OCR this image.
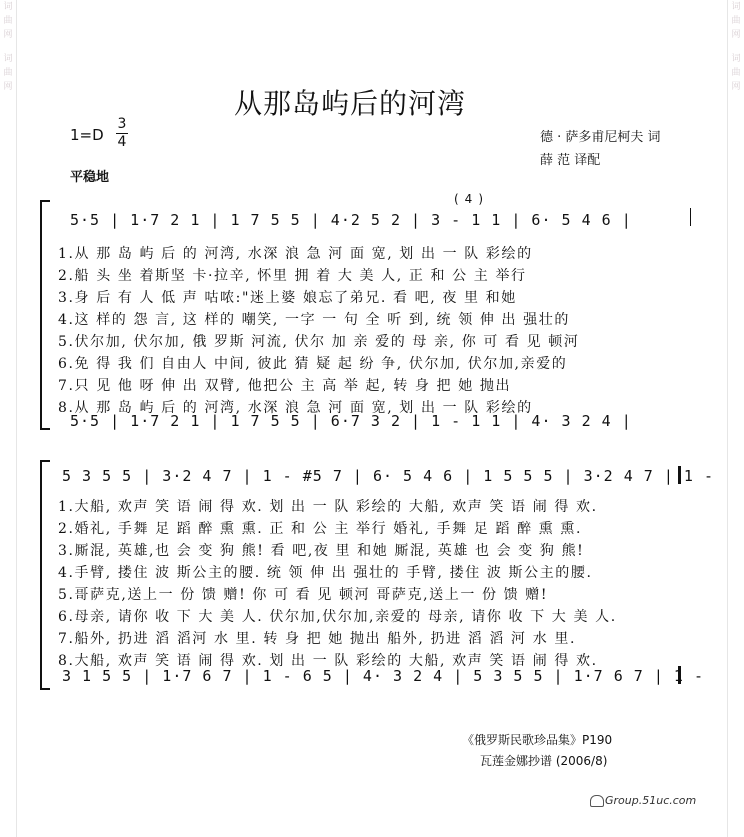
词
曲
网
词
曲
网
词
曲
网
词
曲
网
从那岛屿后的河湾
1=D
3
4	德 · 萨多甫尼柯夫 词
薛 范 译配
平稳地
(4)
5·5 | 1·7 2 1 | 1 7 5 5 | 4·2 5 2 | 3 - 1 1 | 6· 5 4 6 |
1.从 那 岛 屿 后 的 河湾, 水深 浪 急 河 面 宽, 划 出 一 队 彩绘的
2.船 头 坐 着斯坚 卡·拉辛, 怀里 拥 着 大 美 人, 正 和 公 主 举行
3.身 后 有 人 低 声 咕哝:"迷上婆 娘忘了弟兄. 看 吧, 夜 里 和她
4.这 样的 怨 言, 这 样的 嘲笑, 一字 一 句 全 听 到, 统 领 伸 出 强壮的
5.伏尔加, 伏尔加, 俄 罗斯 河流, 伏尔 加 亲 爱的 母 亲, 你 可 看 见 顿河
6.免 得 我 们 自由人 中间, 彼此 猜 疑 起 纷 争, 伏尔加, 伏尔加,亲爱的
7.只 见 他 呀 伸 出 双臂, 他把公 主 高 举 起, 转 身 把 她 抛出
8.从 那 岛 屿 后 的 河湾, 水深 浪 急 河 面 宽, 划 出 一 队 彩绘的
5·5 | 1·7 2 1 | 1 7 5 5 | 6·7 3 2 | 1 - 1 1 | 4· 3 2 4 |
5 3 5 5 | 3·2 4 7 | 1 - #5 7 | 6· 5 4 6 | 1 5 5 5 | 3·2 4 7 | 1 -
1.大船, 欢声 笑 语 闹 得 欢. 划 出 一 队 彩绘的 大船, 欢声 笑 语 闹 得 欢.
2.婚礼, 手舞 足 蹈 醉 熏 熏. 正 和 公 主 举行 婚礼, 手舞 足 蹈 醉 熏 熏.
3.厮混, 英雄,也 会 变 狗 熊! 看 吧,夜 里 和她 厮混, 英雄 也 会 变 狗 熊!
4.手臂, 搂住 波 斯公主的腰. 统 领 伸 出 强壮的 手臂, 搂住 波 斯公主的腰.
5.哥萨克,送上一 份 馈 赠! 你 可 看 见 顿河 哥萨克,送上一 份 馈 赠!
6.母亲, 请你 收 下 大 美 人. 伏尔加,伏尔加,亲爱的 母亲, 请你 收 下 大 美 人.
7.船外, 扔进 滔 滔河 水 里. 转 身 把 她 抛出 船外, 扔进 滔 滔 河 水 里.
8.大船, 欢声 笑 语 闹 得 欢. 划 出 一 队 彩绘的 大船, 欢声 笑 语 闹 得 欢.
3 1 5 5 | 1·7 6 7 | 1 - 6 5 | 4· 3 2 4 | 5 3 5 5 | 1·7 6 7 | 1 -
《俄罗斯民歌珍品集》P190
瓦莲金娜抄谱 (2006/8)
Group.51uc.com
